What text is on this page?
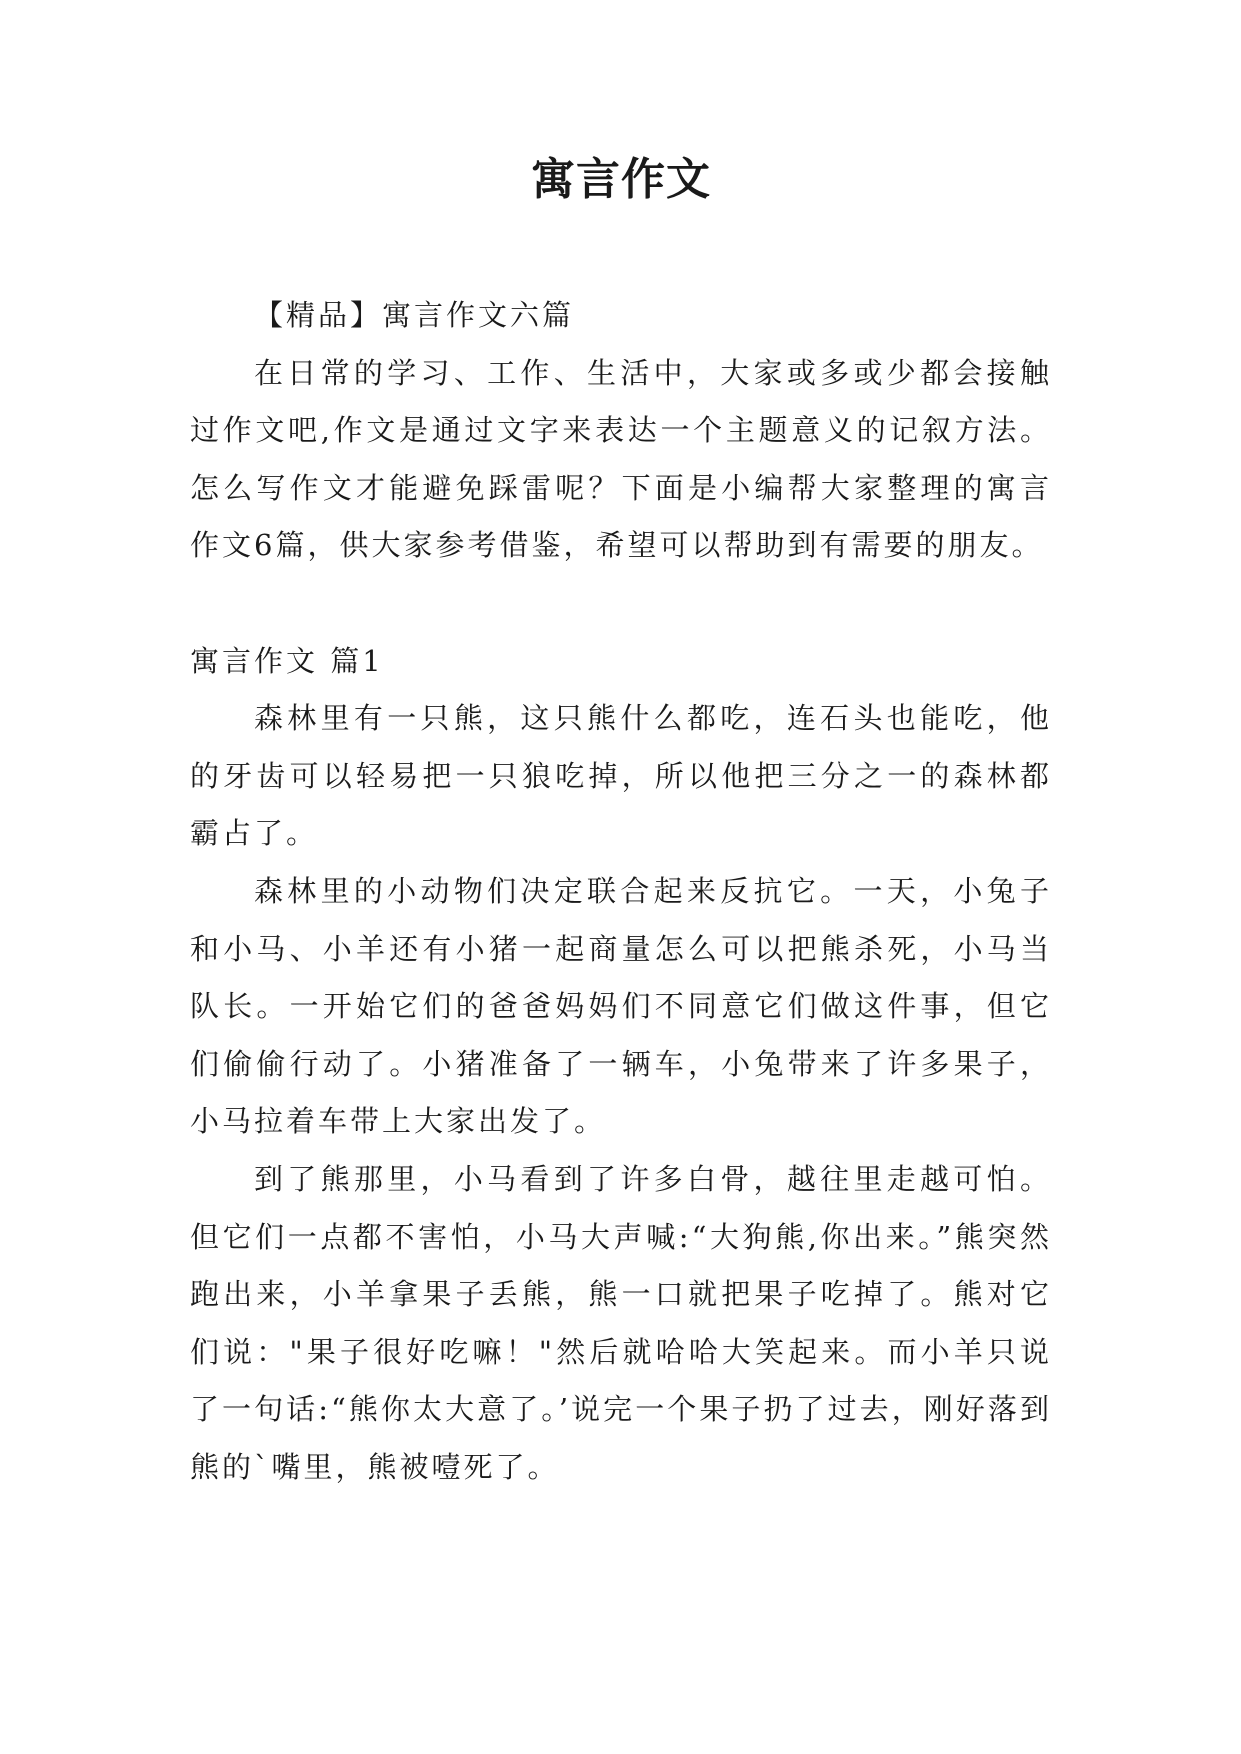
寓言作文

【精品】寓言作文六篇

在日常的学习、工作、生活中，大家或多或少都会接触过作文吧,作文是通过文字来表达一个主题意义的记叙方法。怎么写作文才能避免踩雷呢？下面是小编帮大家整理的寓言作文6篇，供大家参考借鉴，希望可以帮助到有需要的朋友。

寓言作文 篇1

森林里有一只熊，这只熊什么都吃，连石头也能吃，他的牙齿可以轻易把一只狼吃掉，所以他把三分之一的森林都霸占了。

森林里的小动物们决定联合起来反抗它。一天，小兔子和小马、小羊还有小猪一起商量怎么可以把熊杀死，小马当队长。一开始它们的爸爸妈妈们不同意它们做这件事，但它们偷偷行动了。小猪准备了一辆车，小兔带来了许多果子，小马拉着车带上大家出发了。

到了熊那里，小马看到了许多白骨，越往里走越可怕。但它们一点都不害怕，小马大声喊:“大狗熊,你出来。”熊突然跑出来，小羊拿果子丢熊，熊一口就把果子吃掉了。熊对它们说："果子很好吃嘛！"然后就哈哈大笑起来。而小羊只说了一句话:“熊你太大意了。’说完一个果子扔了过去，刚好落到熊的`嘴里，熊被噎死了。
